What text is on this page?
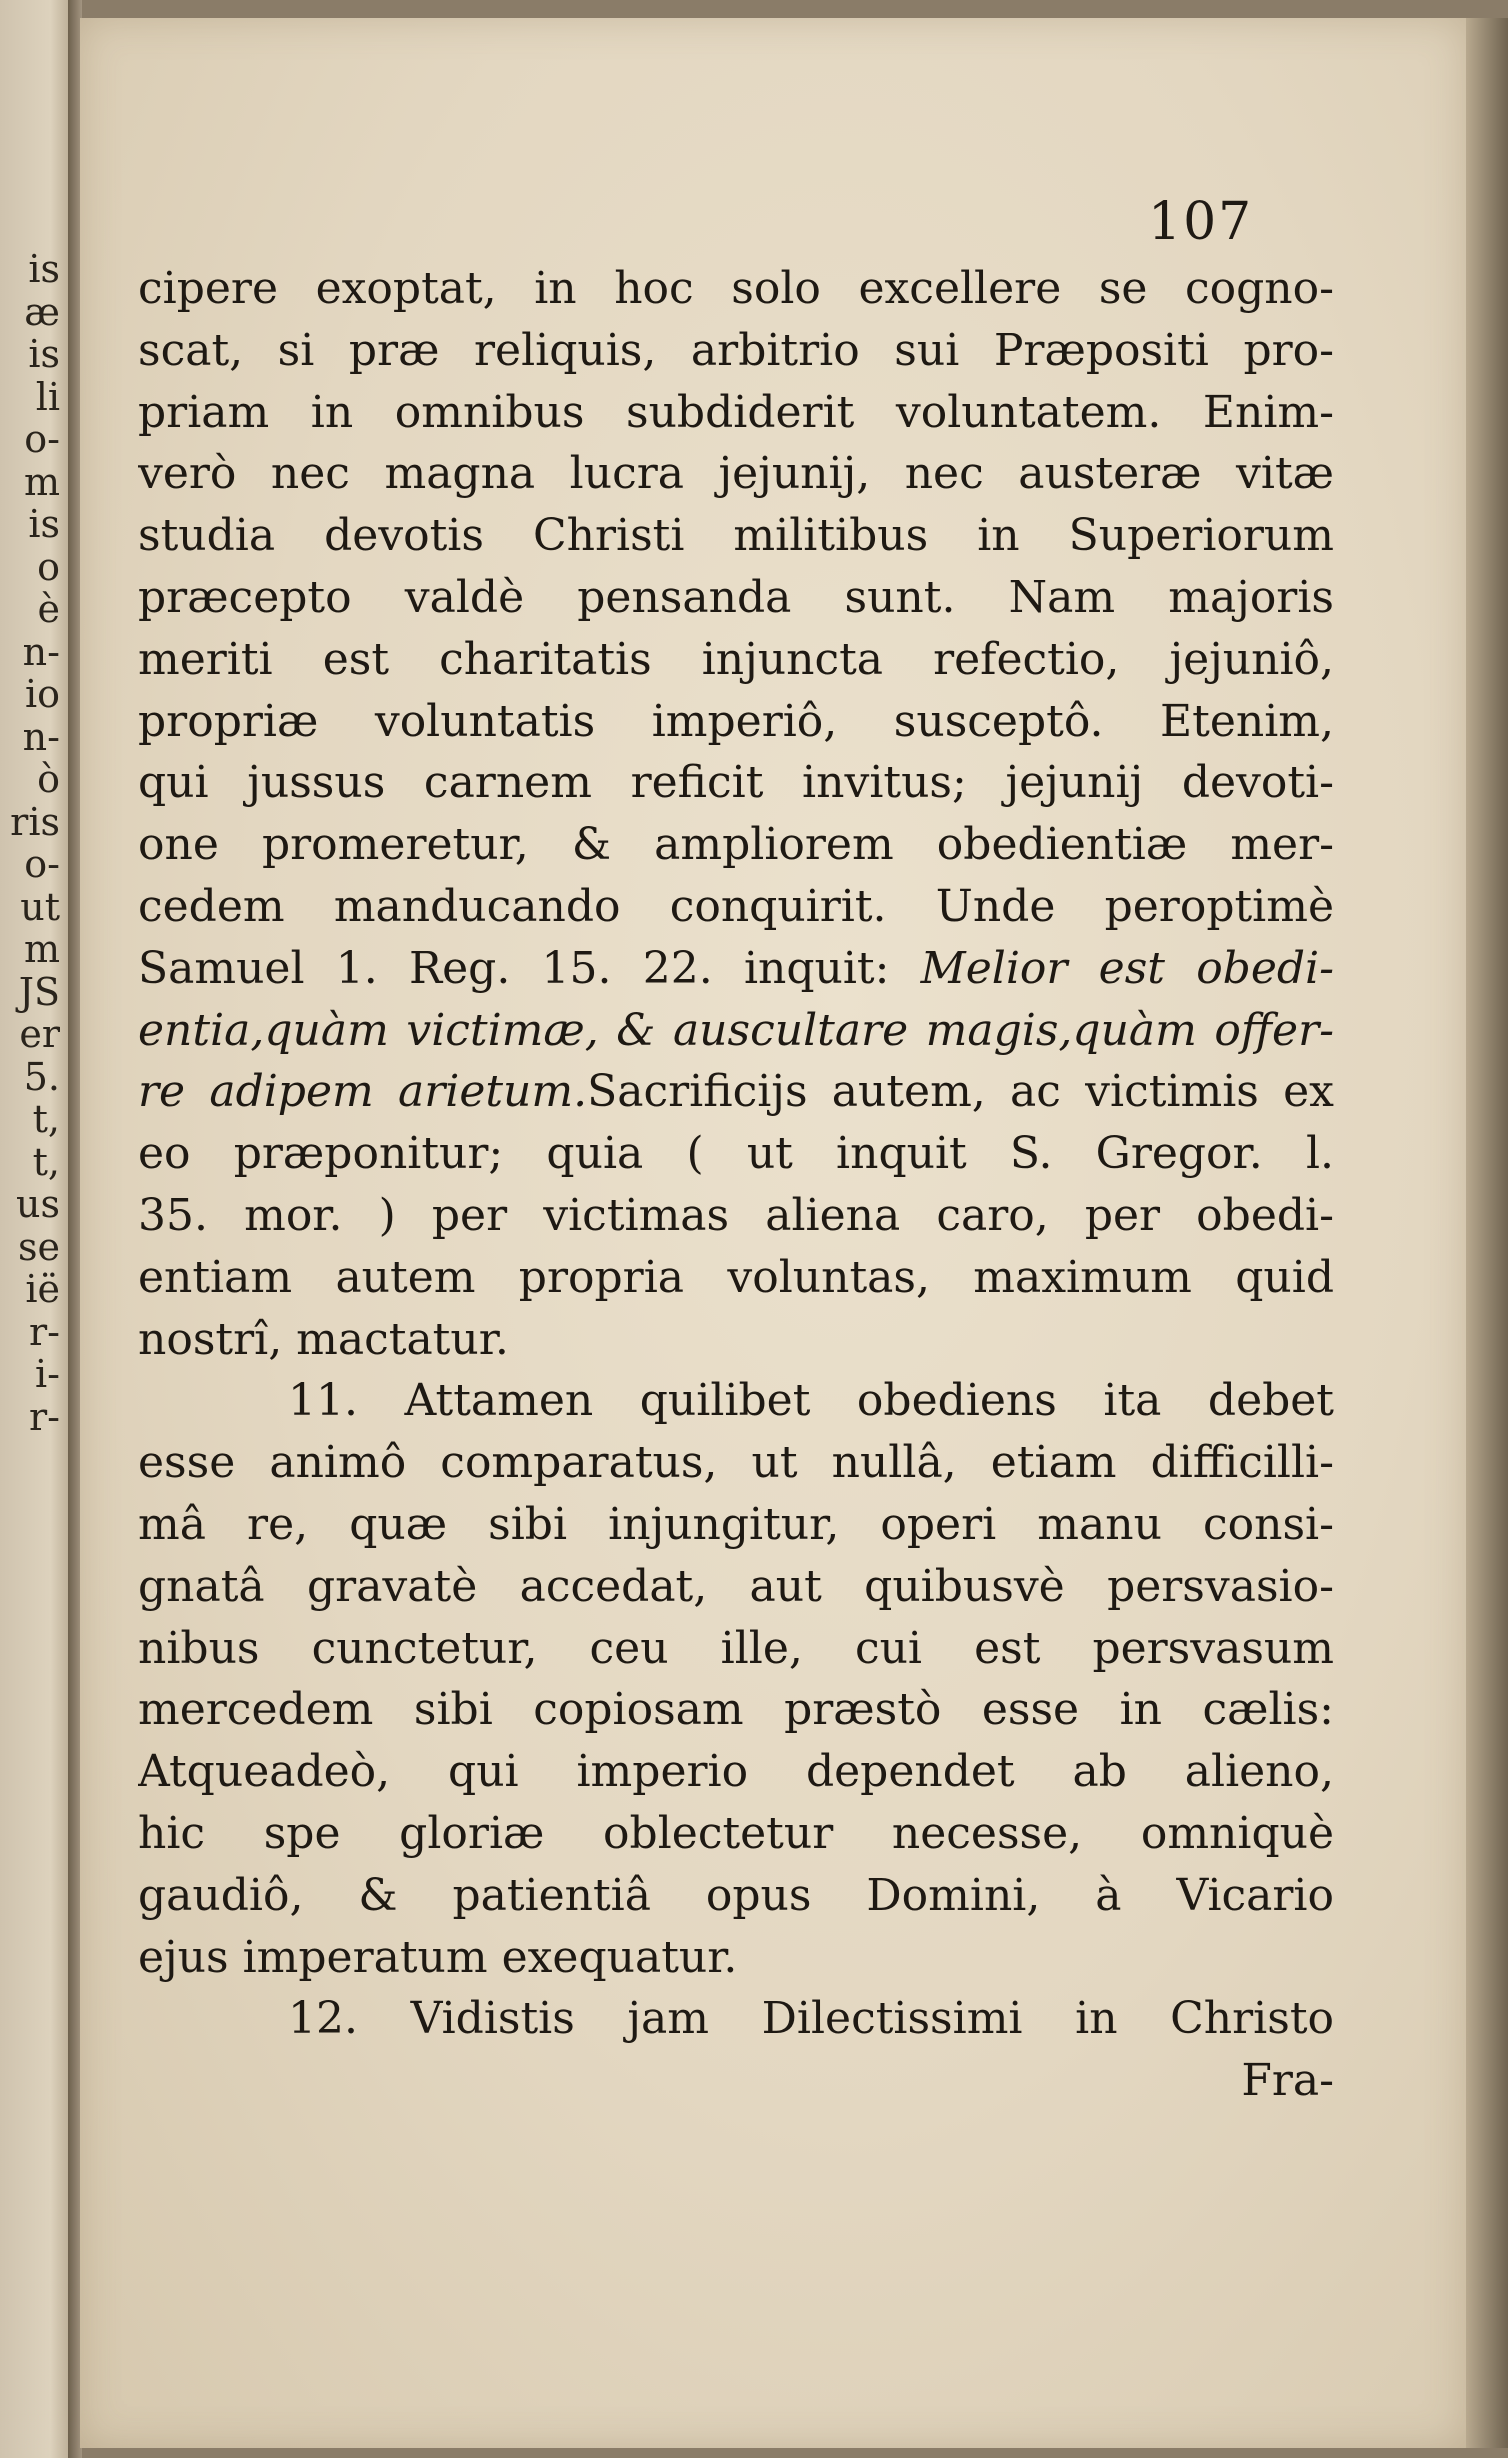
is
æ
is
li
o-
m
is
o
è
n-
io
n-
ò
ris
o-
ut
m
JS
er
5.
t,
t,
us
se
ië
r-
i-
r-
107
cipere exoptat, in hoc solo excellere se cogno-
scat, si præ reliquis, arbitrio sui Præpositi pro-
priam in omnibus subdiderit voluntatem. Enim-
verò nec magna lucra jejunij, nec austeræ vitæ
studia devotis Christi militibus in Superiorum
præcepto valdè pensanda sunt. Nam majoris
meriti est charitatis injuncta refectio, jejuniô,
propriæ voluntatis imperiô, susceptô. Etenim,
qui jussus carnem reficit invitus; jejunij devoti-
one promeretur, & ampliorem obedientiæ mer-
cedem manducando conquirit. Unde peroptimè
Samuel 1. Reg. 15. 22. inquit: Melior est obedi-
entia,quàm victimæ, & auscultare magis,quàm offer-
re adipem arietum.Sacrificijs autem, ac victimis ex
eo præponitur; quia ( ut inquit S. Gregor. l.
35. mor. ) per victimas aliena caro, per obedi-
entiam autem propria voluntas, maximum quid
nostrî, mactatur.
11. Attamen quilibet obediens ita debet
esse animô comparatus, ut nullâ, etiam difficilli-
mâ re, quæ sibi injungitur, operi manu consi-
gnatâ gravatè accedat, aut quibusvè persvasio-
nibus cunctetur, ceu ille, cui est persvasum
mercedem sibi copiosam præstò esse in cælis:
Atqueadeò, qui imperio dependet ab alieno,
hic spe gloriæ oblectetur necesse, omniquè
gaudiô, & patientiâ opus Domini, à Vicario
ejus imperatum exequatur.
12. Vidistis jam Dilectissimi in Christo
Fra-
